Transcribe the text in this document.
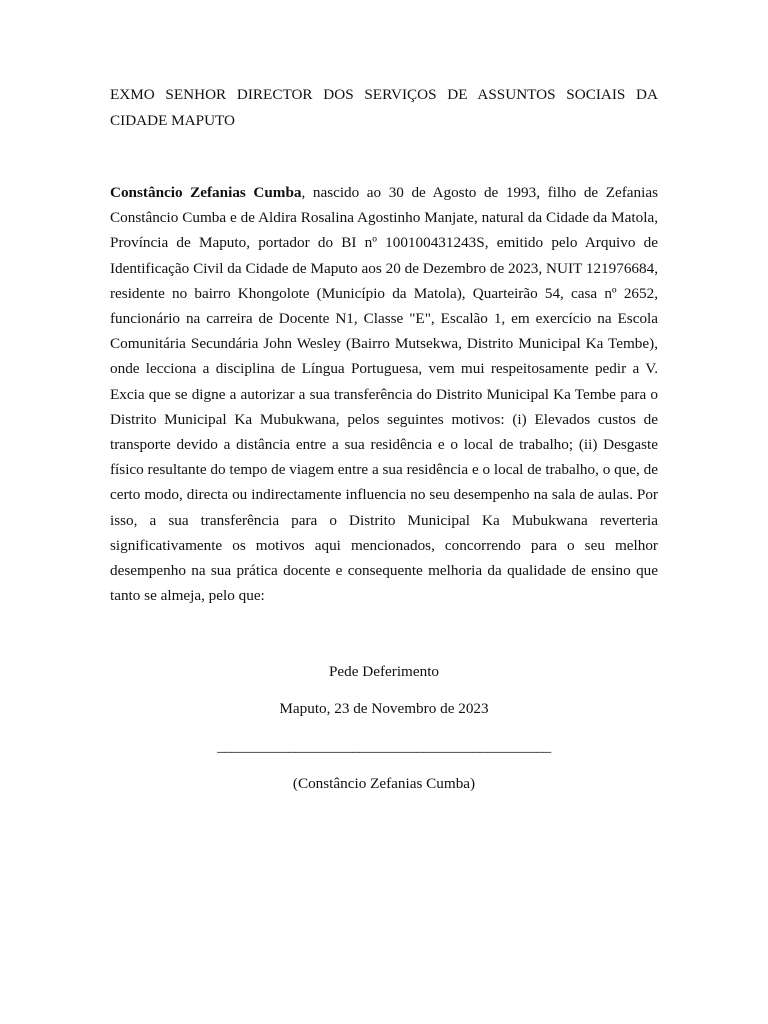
EXMO SENHOR DIRECTOR DOS SERVIÇOS DE ASSUNTOS SOCIAIS DA CIDADE MAPUTO

Constâncio Zefanias Cumba, nascido ao 30 de Agosto de 1993, filho de Zefanias Constâncio Cumba e de Aldira Rosalina Agostinho Manjate, natural da Cidade da Matola, Província de Maputo, portador do BI nº 100100431243S, emitido pelo Arquivo de Identificação Civil da Cidade de Maputo aos 20 de Dezembro de 2023, NUIT 121976684, residente no bairro Khongolote (Município da Matola), Quarteirão 54, casa nº 2652, funcionário na carreira de Docente N1, Classe "E", Escalão 1, em exercício na Escola Comunitária Secundária John Wesley (Bairro Mutsekwa, Distrito Municipal Ka Tembe), onde lecciona a disciplina de Língua Portuguesa, vem mui respeitosamente pedir a V. Excia que se digne a autorizar a sua transferência do Distrito Municipal Ka Tembe para o Distrito Municipal Ka Mubukwana, pelos seguintes motivos: (i) Elevados custos de transporte devido a distância entre a sua residência e o local de trabalho; (ii) Desgaste físico resultante do tempo de viagem entre a sua residência e o local de trabalho, o que, de certo modo, directa ou indirectamente influencia no seu desempenho na sala de aulas. Por isso, a sua transferência para o Distrito Municipal Ka Mubukwana reverteria significativamente os motivos aqui mencionados, concorrendo para o seu melhor desempenho na sua prática docente e consequente melhoria da qualidade de ensino que tanto se almeja, pelo que:

Pede Deferimento

Maputo, 23 de Novembro de 2023

_______________________________________________

(Constâncio Zefanias Cumba)
